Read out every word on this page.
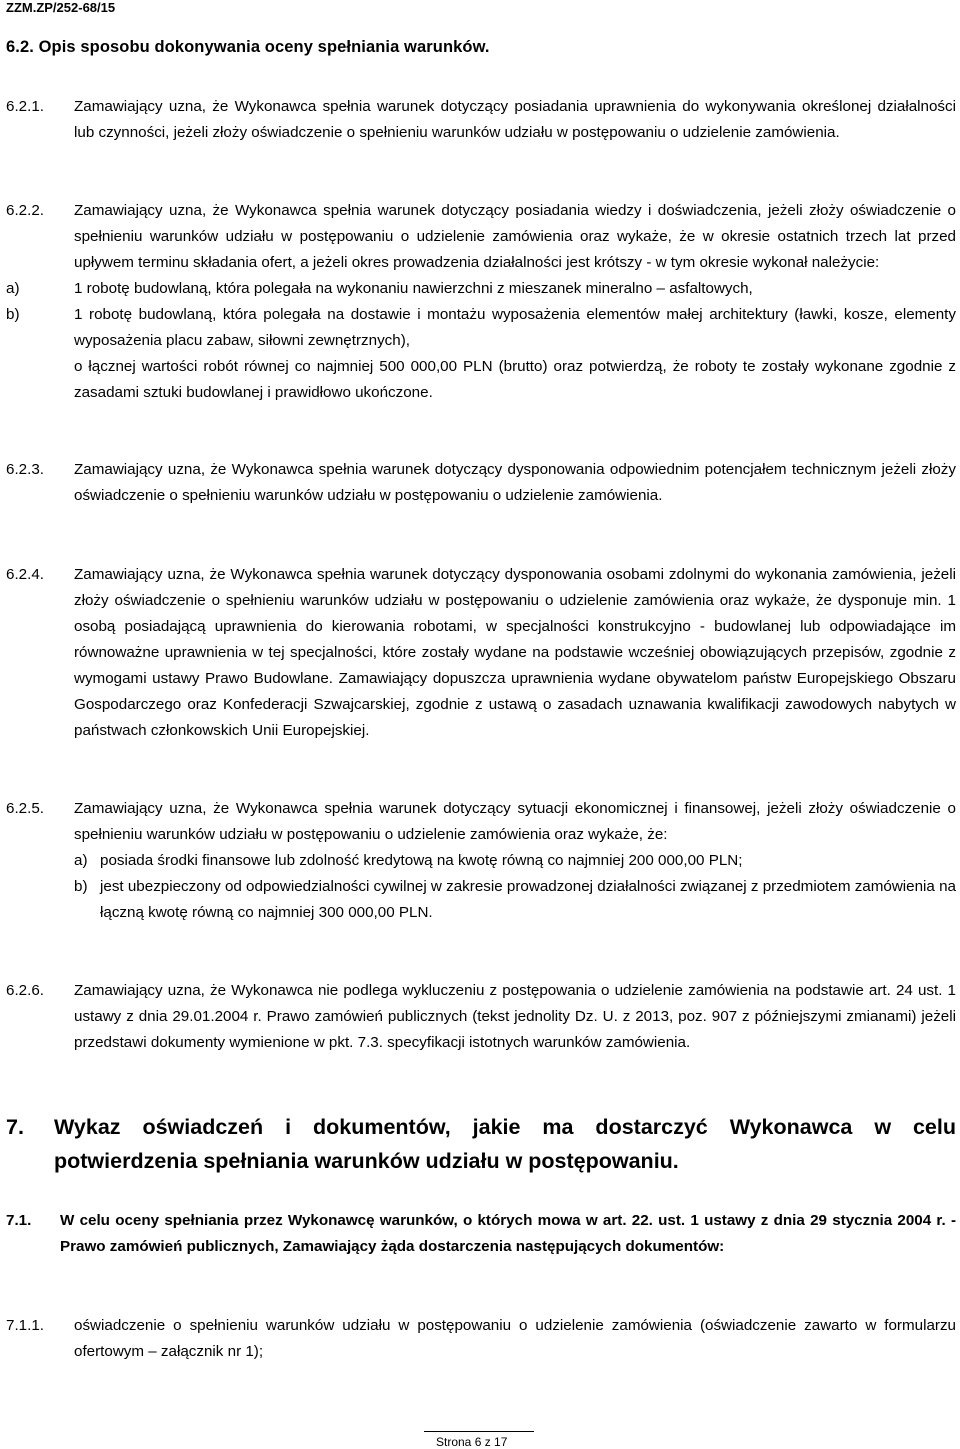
ZZM.ZP/252-68/15
6.2. Opis sposobu dokonywania oceny spełniania warunków.
6.2.1. Zamawiający uzna, że Wykonawca spełnia warunek dotyczący posiadania uprawnienia do wykonywania określonej działalności lub czynności, jeżeli złoży oświadczenie o spełnieniu warunków udziału w postępowaniu o udzielenie zamówienia.
6.2.2. Zamawiający uzna, że Wykonawca spełnia warunek dotyczący posiadania wiedzy i doświadczenia, jeżeli złoży oświadczenie o spełnieniu warunków udziału w postępowaniu o udzielenie zamówienia oraz wykaże, że w okresie ostatnich trzech lat przed upływem terminu składania ofert, a jeżeli okres prowadzenia działalności jest krótszy - w tym okresie wykonał należycie:
a)	1 robotę budowlaną, która polegała na wykonaniu nawierzchni z mieszanek mineralno – asfaltowych,
b)	1 robotę budowlaną, która polegała na dostawie i montażu wyposażenia elementów małej architektury (ławki, kosze, elementy wyposażenia placu zabaw, siłowni zewnętrznych),
o łącznej wartości robót równej co najmniej 500 000,00 PLN (brutto) oraz potwierdzą, że roboty te zostały wykonane zgodnie z zasadami sztuki budowlanej i prawidłowo ukończone.
6.2.3. Zamawiający uzna, że Wykonawca spełnia warunek dotyczący dysponowania odpowiednim potencjałem technicznym jeżeli złoży oświadczenie o spełnieniu warunków udziału w postępowaniu o udzielenie zamówienia.
6.2.4. Zamawiający uzna, że Wykonawca spełnia warunek dotyczący dysponowania osobami zdolnymi do wykonania zamówienia, jeżeli złoży oświadczenie o spełnieniu warunków udziału w postępowaniu o udzielenie zamówienia oraz wykaże, że dysponuje min. 1 osobą posiadającą uprawnienia do kierowania robotami, w specjalności konstrukcyjno - budowlanej lub odpowiadające im równoważne uprawnienia w tej specjalności, które zostały wydane na podstawie wcześniej obowiązujących przepisów, zgodnie z wymogami ustawy Prawo Budowlane. Zamawiający dopuszcza uprawnienia wydane obywatelom państw Europejskiego Obszaru Gospodarczego oraz Konfederacji Szwajcarskiej, zgodnie z ustawą o zasadach uznawania kwalifikacji zawodowych nabytych w państwach członkowskich Unii Europejskiej.
6.2.5. Zamawiający uzna, że Wykonawca spełnia warunek dotyczący sytuacji ekonomicznej i finansowej, jeżeli złoży oświadczenie o spełnieniu warunków udziału w postępowaniu o udzielenie zamówienia oraz wykaże, że:
a) posiada środki finansowe lub zdolność kredytową na kwotę równą co najmniej 200 000,00 PLN;
b) jest ubezpieczony od odpowiedzialności cywilnej w zakresie prowadzonej działalności związanej z przedmiotem zamówienia na łączną kwotę równą co najmniej 300 000,00 PLN.
6.2.6. Zamawiający uzna, że Wykonawca nie podlega wykluczeniu z postępowania o udzielenie zamówienia na podstawie art. 24 ust. 1 ustawy z dnia 29.01.2004 r. Prawo zamówień publicznych (tekst jednolity Dz. U. z 2013, poz. 907 z późniejszymi zmianami) jeżeli przedstawi dokumenty wymienione w pkt. 7.3. specyfikacji istotnych warunków zamówienia.
7. Wykaz oświadczeń i dokumentów, jakie ma dostarczyć Wykonawca w celu potwierdzenia spełniania warunków udziału w postępowaniu.
7.1. W celu oceny spełniania przez Wykonawcę warunków, o których mowa w art. 22. ust. 1 ustawy z dnia 29 stycznia 2004 r. - Prawo zamówień publicznych, Zamawiający żąda dostarczenia następujących dokumentów:
7.1.1. oświadczenie o spełnieniu warunków udziału w postępowaniu o udzielenie zamówienia (oświadczenie zawarto w formularzu ofertowym – załącznik nr 1);
Strona 6 z 17
